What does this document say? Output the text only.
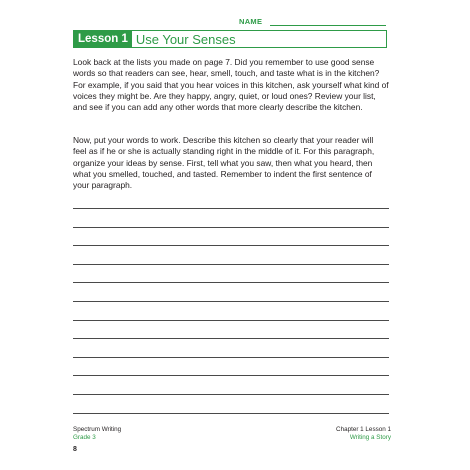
NAME
Lesson 1 Use Your Senses

Look back at the lists you made on page 7. Did you remember to use good sense words so that readers can see, hear, smell, touch, and taste what is in the kitchen? For example, if you said that you hear voices in this kitchen, ask yourself what kind of voices they might be. Are they happy, angry, quiet, or loud ones? Review your list, and see if you can add any other words that more clearly describe the kitchen.

Now, put your words to work. Describe this kitchen so clearly that your reader will feel as if he or she is actually standing right in the middle of it. For this paragraph, organize your ideas by sense. First, tell what you saw, then what you heard, then what you smelled, touched, and tasted. Remember to indent the first sentence of your paragraph.

Spectrum Writing
Grade 3
Chapter 1 Lesson 1
Writing a Story
8
